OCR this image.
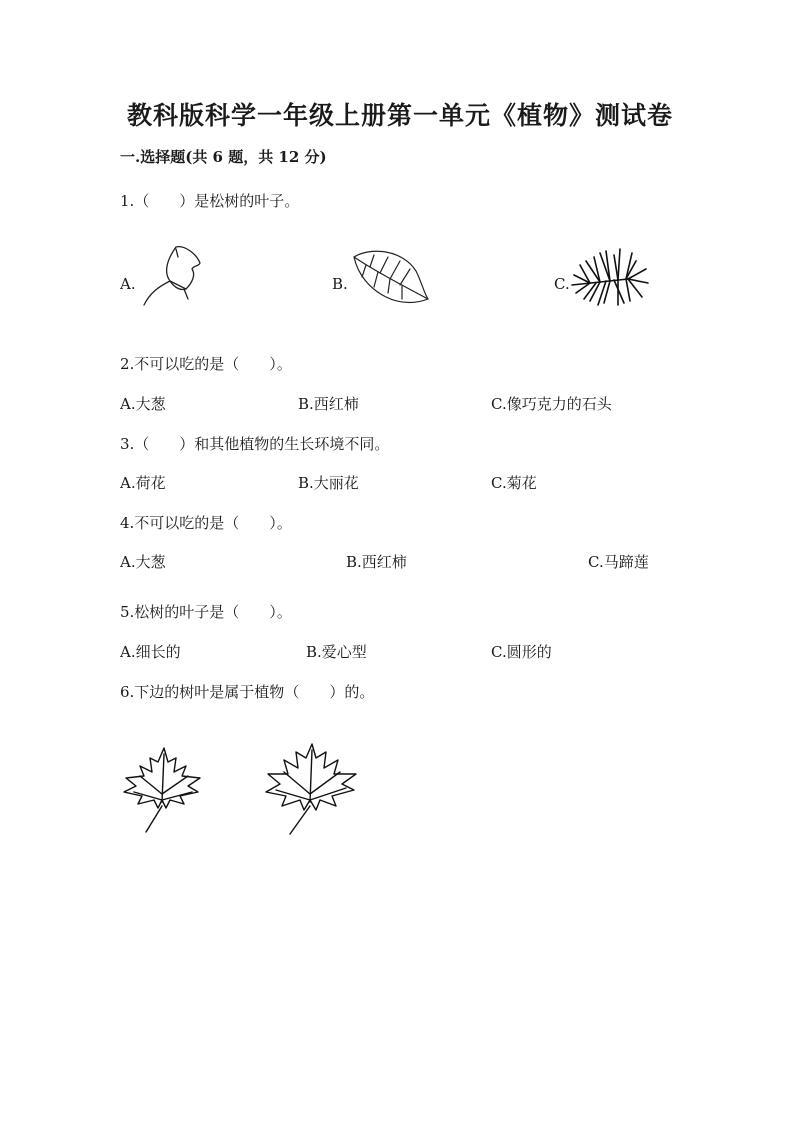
教科版科学一年级上册第一单元《植物》测试卷
一.选择题(共 6 题，共 12 分)
1.（　　）是松树的叶子。
A.	B.	C.
2.不可以吃的是（　　）。
A.大葱	B.西红柿	C.像巧克力的石头
3.（　　）和其他植物的生长环境不同。
A.荷花	B.大丽花	C.菊花
4.不可以吃的是（　　）。
A.大葱	B.西红柿	C.马蹄莲
5.松树的叶子是（　　）。
A.细长的	B.爱心型	C.圆形的
6.下边的树叶是属于植物（　　）的。
